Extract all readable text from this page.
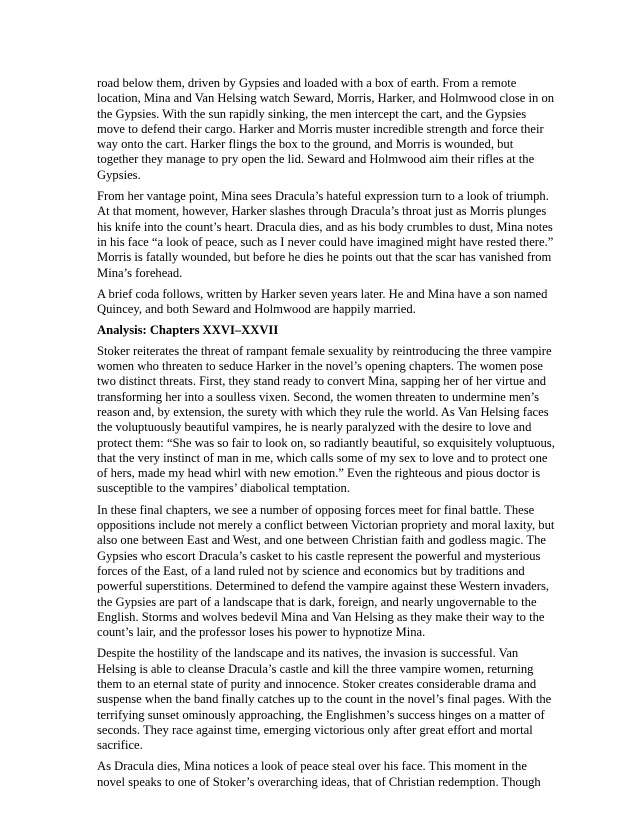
road below them, driven by Gypsies and loaded with a box of earth. From a remote location, Mina and Van Helsing watch Seward, Morris, Harker, and Holmwood close in on the Gypsies. With the sun rapidly sinking, the men intercept the cart, and the Gypsies move to defend their cargo. Harker and Morris muster incredible strength and force their way onto the cart. Harker flings the box to the ground, and Morris is wounded, but together they manage to pry open the lid. Seward and Holmwood aim their rifles at the Gypsies.

From her vantage point, Mina sees Dracula’s hateful expression turn to a look of triumph. At that moment, however, Harker slashes through Dracula’s throat just as Morris plunges his knife into the count’s heart. Dracula dies, and as his body crumbles to dust, Mina notes in his face “a look of peace, such as I never could have imagined might have rested there.” Morris is fatally wounded, but before he dies he points out that the scar has vanished from Mina’s forehead.

A brief coda follows, written by Harker seven years later. He and Mina have a son named Quincey, and both Seward and Holmwood are happily married.

Analysis: Chapters XXVI–XXVII

Stoker reiterates the threat of rampant female sexuality by reintroducing the three vampire women who threaten to seduce Harker in the novel’s opening chapters. The women pose two distinct threats. First, they stand ready to convert Mina, sapping her of her virtue and transforming her into a soulless vixen. Second, the women threaten to undermine men’s reason and, by extension, the surety with which they rule the world. As Van Helsing faces the voluptuously beautiful vampires, he is nearly paralyzed with the desire to love and protect them: “She was so fair to look on, so radiantly beautiful, so exquisitely voluptuous, that the very instinct of man in me, which calls some of my sex to love and to protect one of hers, made my head whirl with new emotion.” Even the righteous and pious doctor is susceptible to the vampires’ diabolical temptation.

In these final chapters, we see a number of opposing forces meet for final battle. These oppositions include not merely a conflict between Victorian propriety and moral laxity, but also one between East and West, and one between Christian faith and godless magic. The Gypsies who escort Dracula’s casket to his castle represent the powerful and mysterious forces of the East, of a land ruled not by science and economics but by traditions and powerful superstitions. Determined to defend the vampire against these Western invaders, the Gypsies are part of a landscape that is dark, foreign, and nearly ungovernable to the English. Storms and wolves bedevil Mina and Van Helsing as they make their way to the count’s lair, and the professor loses his power to hypnotize Mina.

Despite the hostility of the landscape and its natives, the invasion is successful. Van Helsing is able to cleanse Dracula’s castle and kill the three vampire women, returning them to an eternal state of purity and innocence. Stoker creates considerable drama and suspense when the band finally catches up to the count in the novel’s final pages. With the terrifying sunset ominously approaching, the Englishmen’s success hinges on a matter of seconds. They race against time, emerging victorious only after great effort and mortal sacrifice.

As Dracula dies, Mina notices a look of peace steal over his face. This moment in the novel speaks to one of Stoker’s overarching ideas, that of Christian redemption. Though
